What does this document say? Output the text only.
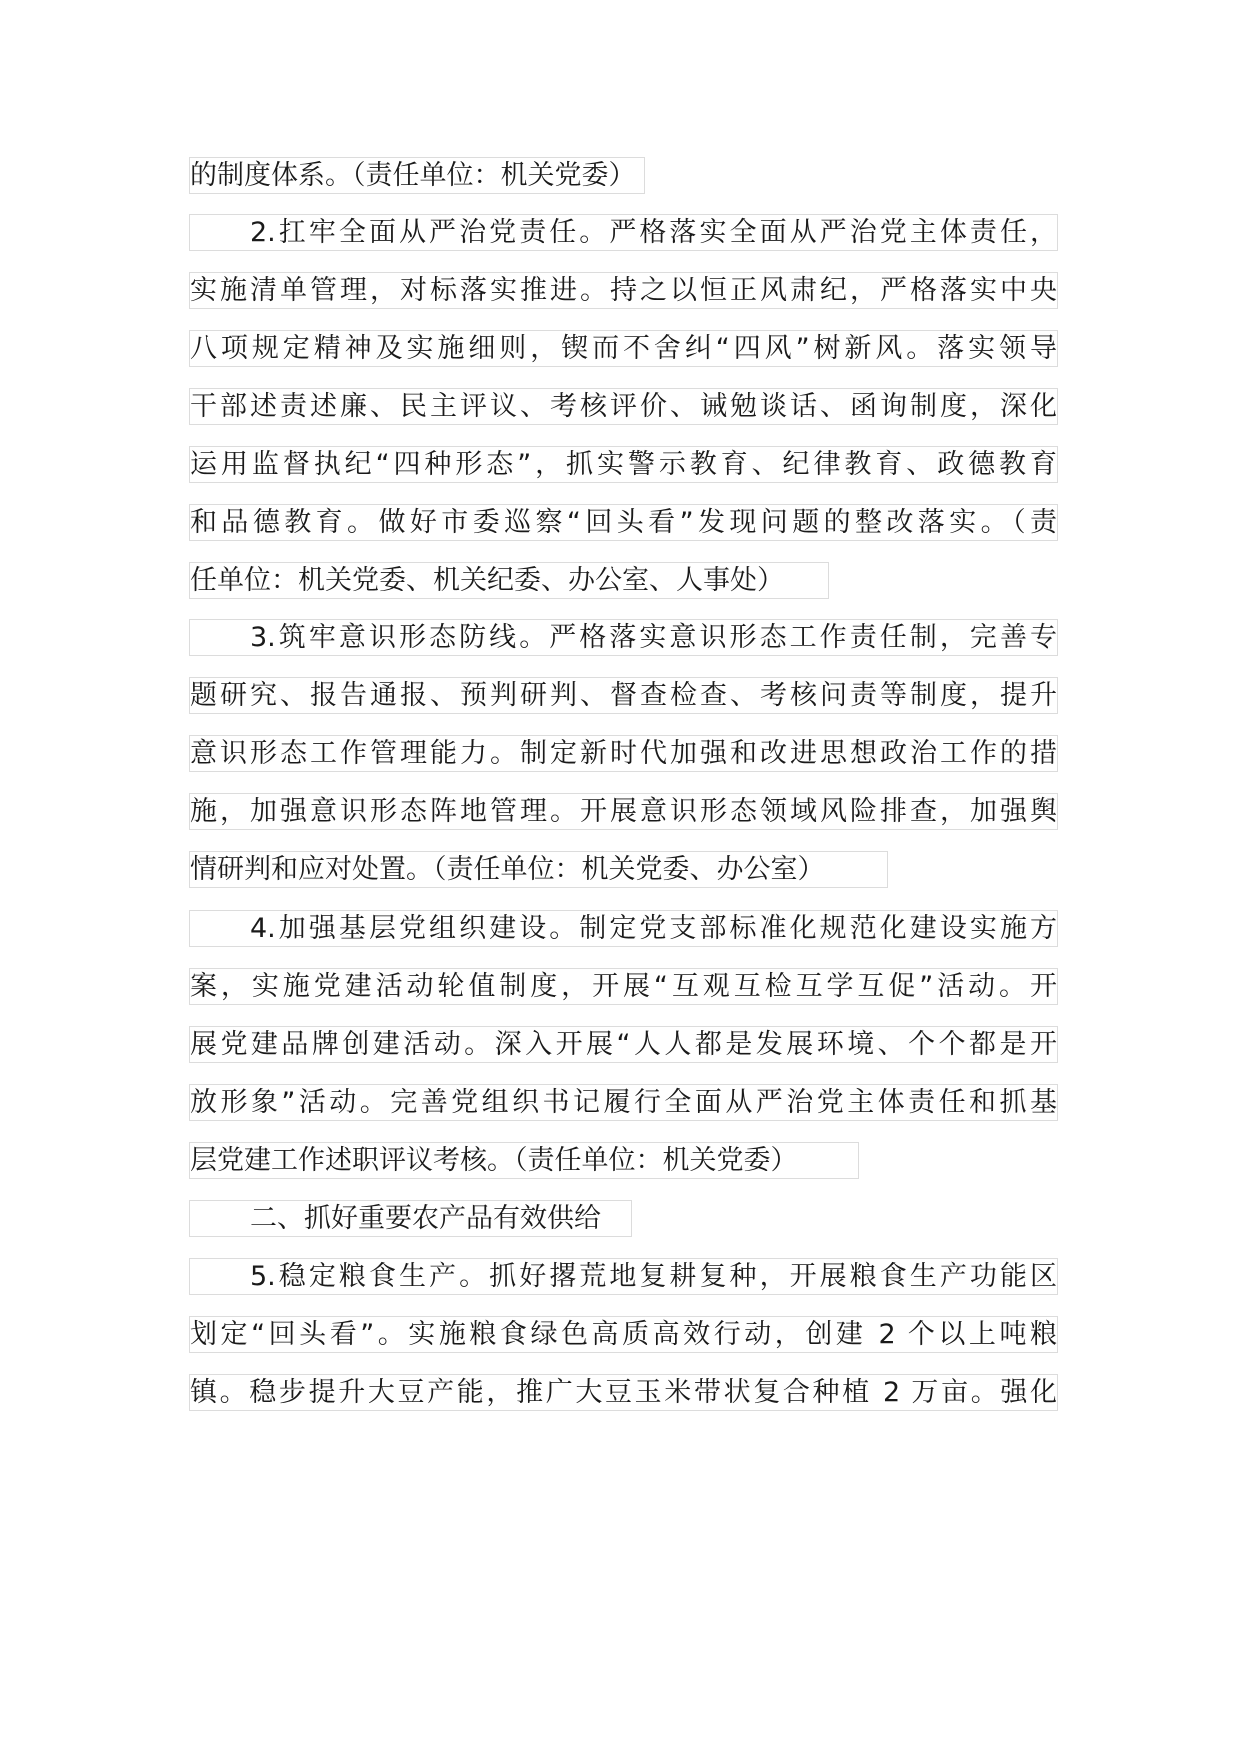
的制度体系。（责任单位：机关党委）
2.扛牢全面从严治党责任。严格落实全面从严治党主体责任，
实施清单管理，对标落实推进。持之以恒正风肃纪，严格落实中央
八项规定精神及实施细则，锲而不舍纠“四风”树新风。落实领导
干部述责述廉、民主评议、考核评价、诫勉谈话、函询制度，深化
运用监督执纪“四种形态”，抓实警示教育、纪律教育、政德教育
和品德教育。做好市委巡察“回头看”发现问题的整改落实。（责
任单位：机关党委、机关纪委、办公室、人事处）
3.筑牢意识形态防线。严格落实意识形态工作责任制，完善专
题研究、报告通报、预判研判、督查检查、考核问责等制度，提升
意识形态工作管理能力。制定新时代加强和改进思想政治工作的措
施，加强意识形态阵地管理。开展意识形态领域风险排查，加强舆
情研判和应对处置。（责任单位：机关党委、办公室）
4.加强基层党组织建设。制定党支部标准化规范化建设实施方
案，实施党建活动轮值制度，开展“互观互检互学互促”活动。开
展党建品牌创建活动。深入开展“人人都是发展环境、个个都是开
放形象”活动。完善党组织书记履行全面从严治党主体责任和抓基
层党建工作述职评议考核。（责任单位：机关党委）
二、抓好重要农产品有效供给
5.稳定粮食生产。抓好撂荒地复耕复种，开展粮食生产功能区
划定“回头看”。实施粮食绿色高质高效行动，创建 2 个以上吨粮
镇。稳步提升大豆产能，推广大豆玉米带状复合种植 2 万亩。强化
